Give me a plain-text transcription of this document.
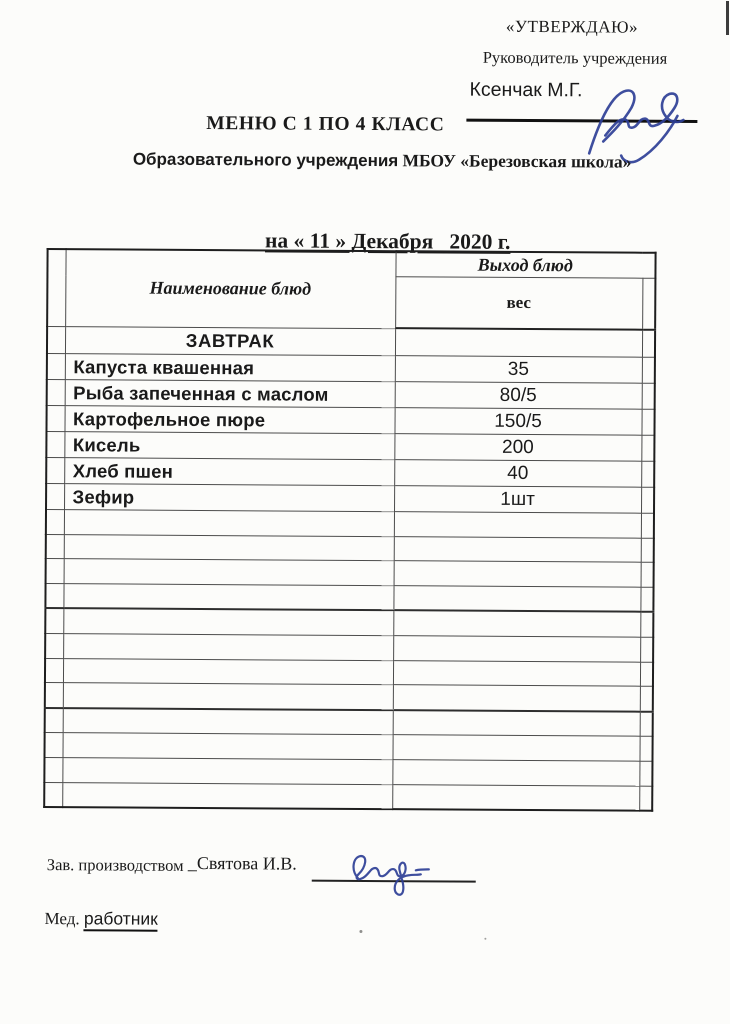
«УТВЕРЖДАЮ»
Руководитель учреждения
Ксенчак М.Г.
МЕНЮ С 1 ПО 4 КЛАСС
Образовательного учреждения МБОУ «Березовская школа»

на « 11 » Декабря   2020 г.

	Наименование блюд	Выход блюд	
		вес	
	ЗАВТРАК		
	Капуста квашенная	35	
	Рыба запеченная с маслом	80/5	
	Картофельное пюре	150/5	
	Кисель	200	
	Хлеб пшен	40	
	Зефир	1шт	

Зав. производством _Святова И.В.
Мед. работник
